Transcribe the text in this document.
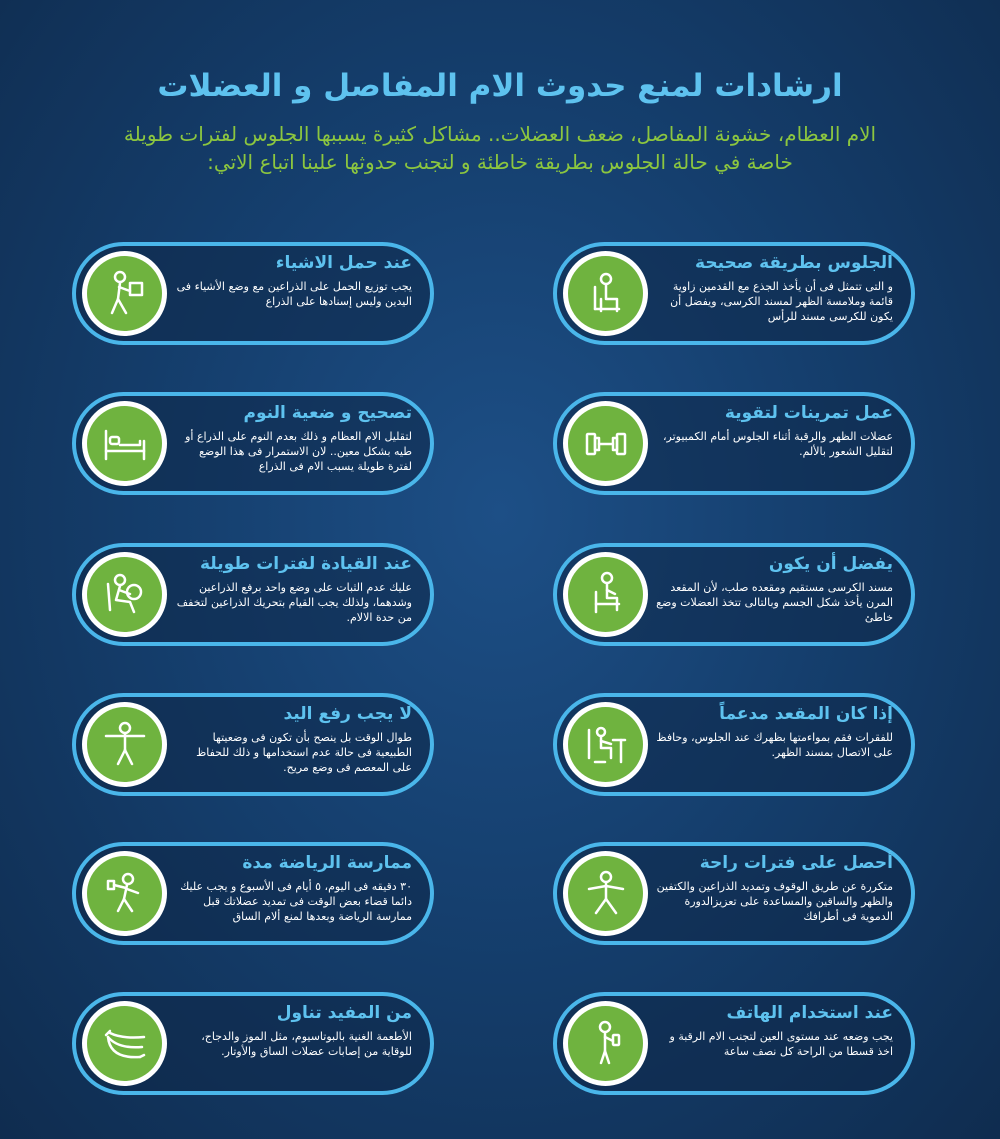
ارشادات لمنع حدوث الام المفاصل و العضلات

الام العظام، خشونة المفاصل، ضعف العضلات.. مشاكل كثيرة يسببها الجلوس لفترات طويلة خاصة في حالة الجلوس بطريقة خاطئة و لتجنب حدوثها علينا اتباع الاتي:

الجلوس بطريقة صحيحة

و التى تتمثل فى أن يأخذ الجذع مع القدمين زاوية قائمة وملامسة الظهر لمسند الكرسى، ويفضل أن يكون للكرسى مسند للرأس

عند حمل الاشياء

يجب توزيع الحمل على الذراعين مع وضع الأشياء فى اليدين وليس إسنادها على الذراع

عمل تمرينات لتقوية

عضلات الظهر والرقبة أثناء الجلوس أمام الكمبيوتر، لتقليل الشعور بالألم.

تصحيح و ضعية النوم

لتقليل الام العظام و ذلك بعدم النوم على الذراع أو طيه بشكل معين.. لان الاستمرار فى هذا الوضع لفترة طويلة يسبب الام فى الذراع

يفضل أن يكون

مسند الكرسى مستقيم ومقعده صلب، لأن المقعد المرن يأخذ شكل الجسم وبالتالى تتخذ العضلات وضع خاطئ

عند القيادة لفترات طويلة

عليك عدم الثبات على وضع واحد برفع الذراعين وشدهما، ولذلك يجب القيام بتحريك الذراعين لتخفف من حدة الالام.

إذا كان المقعد مدعماً

للفقرات فقم بمواءمتها بظهرك عند الجلوس، وحافظ على الاتصال بمسند الظهر.

لا يجب رفع اليد

طوال الوقت بل ينصح بأن تكون فى وضعيتها الطبيعية فى حالة عدم استخدامها و ذلك للحفاظ على المعصم فى وضع مريح.

أحصل على فترات راحة

متكررة عن طريق الوقوف وتمديد الذراعين والكتفين والظهر والساقين والمساعدة على تعزيزالدورة الدموية فى أطرافك

ممارسة الرياضة مدة

٣٠ دقيقه فى اليوم، ٥ أيام فى الأسبوع و يجب عليك دائما قضاء بعض الوقت فى تمديد عضلاتك قبل ممارسة الرياضة وبعدها لمنع ألام الساق

عند استخدام الهاتف

يجب وضعه عند مستوى العين لتجنب الام الرقبة و اخذ قسطا من الراحة كل نصف ساعة

من المفيد تناول

الأطعمة الغنية بالبوتاسيوم، مثل الموز والدجاج، للوقاية من إصابات عضلات الساق والأوتار.
